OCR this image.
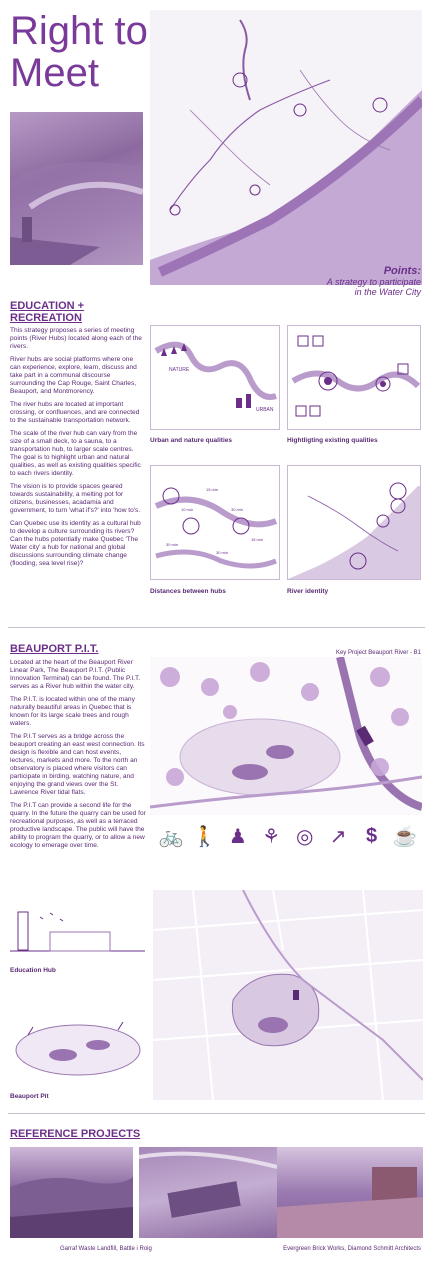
Right to
Meet
Points:
A strategy to participate
in the Water City
EDUCATION +
RECREATION

This strategy proposes a series of meeting points (River Hubs) located along each of the rivers.

River hubs are social platforms where one can experience, explore, learn, discuss and take part in a communal discourse surrounding the Cap Rouge, Saint Charles, Beauport, and Montmorency.

The river hubs are located at important crossing, or confluences, and are connected to the sustainable transportation network.

The scale of the river hub can vary from the size of a small deck, to a sauna, to a transportation hub, to larger scale centres. The goal is to highlight urban and natural qualities, as well as existing qualities specific to each rivers identity.

The vision is to provide spaces geared towards sustainability, a melting pot for citizens, businesses, acadamia and government, to turn 'what if's?' into 'how to's.

Can Quebec use its identity as a cultural hub to develop a culture surrounding its rivers? Can the hubs potentially make Quebec 'The Water city' a hub for national and global discussions surrounding climate change (flooding, sea level rise)?

NATURE
URBAN
Urban and nature qualities	Hightligting existing qualities
15 min
10 min	30 min
15 min
30 min
30 min
Distances between hubs	River identity
BEAUPORT P.I.T.	Key Project Beauport River - B1

Located at the heart of the Beauport River Linear Park, The Beauport P.I.T. (Public Innovation Terminal) can be found. The P.I.T. serves as a River hub within the water city.

The P.I.T. is located within one of the many naturally beautiful areas in Quebec that is known for its large scale trees and rough waters.

The P.I.T serves as a bridge across the beauport creating an east west connection. Its design is flexible and can host events, lectures, markets and more. To the north an observatory is placed where visitors can participate in birding, watching nature, and enjoying the grand views over the St. Lawrence River tidal flats.

The P.I.T can provide a second life for the quarry. In the future the quarry can be used for recreational purposes, as well as a terraced productive landscape. The public will have the ability to program the quarry, or to allow a new ecology to emerage over time.	🚲 🚶 ♟ ⚘ ◎ ↗ $ ☕
Education Hub
Beauport Pit
REFERENCE PROJECTS
Garraf Waste Landfill, Battle i Roig	Evergreen Brick Works, Diamond Schmitt Architects
